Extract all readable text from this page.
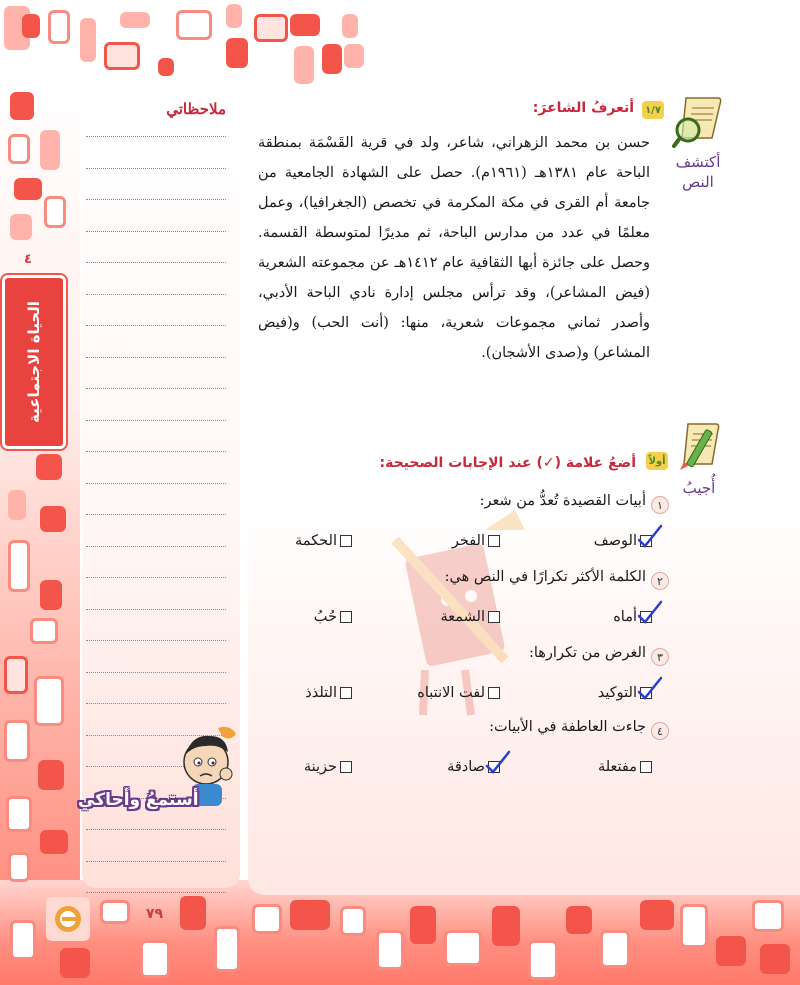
ملاحظاتي
٤
الحياة الاجتماعية
أكتشف
النص
١/٧
أتعرفُ الشاعرَ:
حسن بن محمد الزهراني، شاعر، ولد في قرية القَسْمَة بمنطقة الباحة عام ١٣٨١هـ (١٩٦١م). حصل على الشهادة الجامعية من جامعة أم القرى في مكة المكرمة في تخصص (الجغرافيا)، وعمل معلمًا في عدد من مدارس الباحة، ثم مديرًا لمتوسطة القسمة. وحصل على جائزة أبها الثقافية عام ١٤١٢هـ عن مجموعته الشعرية (فيض المشاعر)، وقد ترأس مجلس إدارة نادي الباحة الأدبي، وأصدر ثماني مجموعات شعرية، منها: (أنت الحب) و(فيض المشاعر) و(صدى الأشجان).
أُجيبُ
أولاً
أضعُ علامة (✓) عند الإجابات الصحيحة:
١
أبيات القصيدة تُعدُّ من شعر:
الوصف
الفخر
الحكمة
٢
الكلمة الأكثر تكرارًا في النص هي:
أماه
الشمعة
حُبُ
٣
الغرض من تكرارها:
التوكيد
لفت الانتباه
التلذذ
٤
جاءت العاطفة في الأبيات:
مفتعلة
صادقة
حزينة
أستمعُ وأحاكي
٧٩
